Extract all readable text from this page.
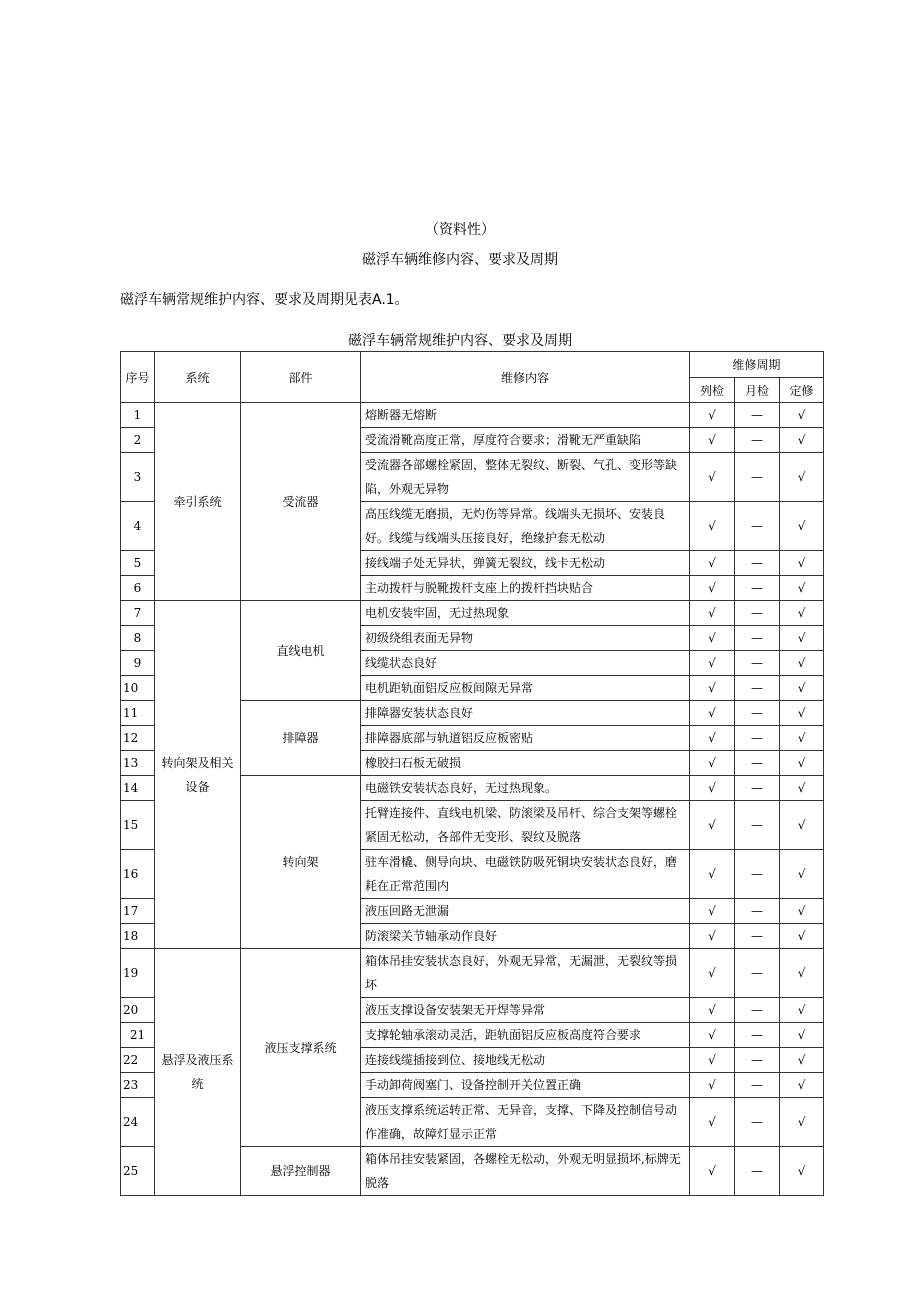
（资料性）
磁浮车辆维修内容、要求及周期
磁浮车辆常规维护内容、要求及周期见表A.1。
磁浮车辆常规维护内容、要求及周期
序号	系统	部件	维修内容	维修周期		
				列检	月检	定修
1	牵引系统	受流器	熔断器无熔断	√	—	√
2			受流滑靴高度正常，厚度符合要求；滑靴无严重缺陷	√	—	√
3			受流器各部螺栓紧固，整体无裂纹、断裂、气孔、变形等缺陷，外观无异物	√	—	√
4			高压线缆无磨损，无灼伤等异常。线端头无损坏、安装良好。线缆与线端头压接良好，绝缘护套无松动	√	—	√
5			接线端子处无异状，弹簧无裂纹，线卡无松动	√	—	√
6			主动拨杆与脱靴拨杆支座上的拨杆挡块贴合	√	—	√
7	转向架及相关设备	直线电机	电机安装牢固，无过热现象	√	—	√
8			初级绕组表面无异物	√	—	√
9			线缆状态良好	√	—	√
10			电机距轨面铝反应板间隙无异常	√	—	√
11		排障器	排障器安装状态良好	√	—	√
12			排障器底部与轨道铝反应板密贴	√	—	√
13			橡胶扫石板无破损	√	—	√
14		转向架	电磁铁安装状态良好，无过热现象。	√	—	√
15			托臂连接件、直线电机梁、防滚梁及吊杆、综合支架等螺栓紧固无松动，各部件无变形、裂纹及脱落	√	—	√
16			驻车滑橇、侧导向块、电磁铁防吸死铜块安装状态良好，磨耗在正常范围内	√	—	√
17			液压回路无泄漏	√	—	√
18			防滚梁关节轴承动作良好	√	—	√
19	悬浮及液压系统	液压支撑系统	箱体吊挂安装状态良好，外观无异常，无漏泄，无裂纹等损坏	√	—	√
20			液压支撑设备安装架无开焊等异常	√	—	√
21			支撑轮轴承滚动灵活，距轨面铝反应板高度符合要求	√	—	√
22			连接线缆插接到位、接地线无松动	√	—	√
23			手动卸荷阀塞门、设备控制开关位置正确	√	—	√
24			液压支撑系统运转正常、无异音，支撑、下降及控制信号动作准确，故障灯显示正常	√	—	√
25		悬浮控制器	箱体吊挂安装紧固，各螺栓无松动，外观无明显损坏,标牌无脱落	√	—	√
